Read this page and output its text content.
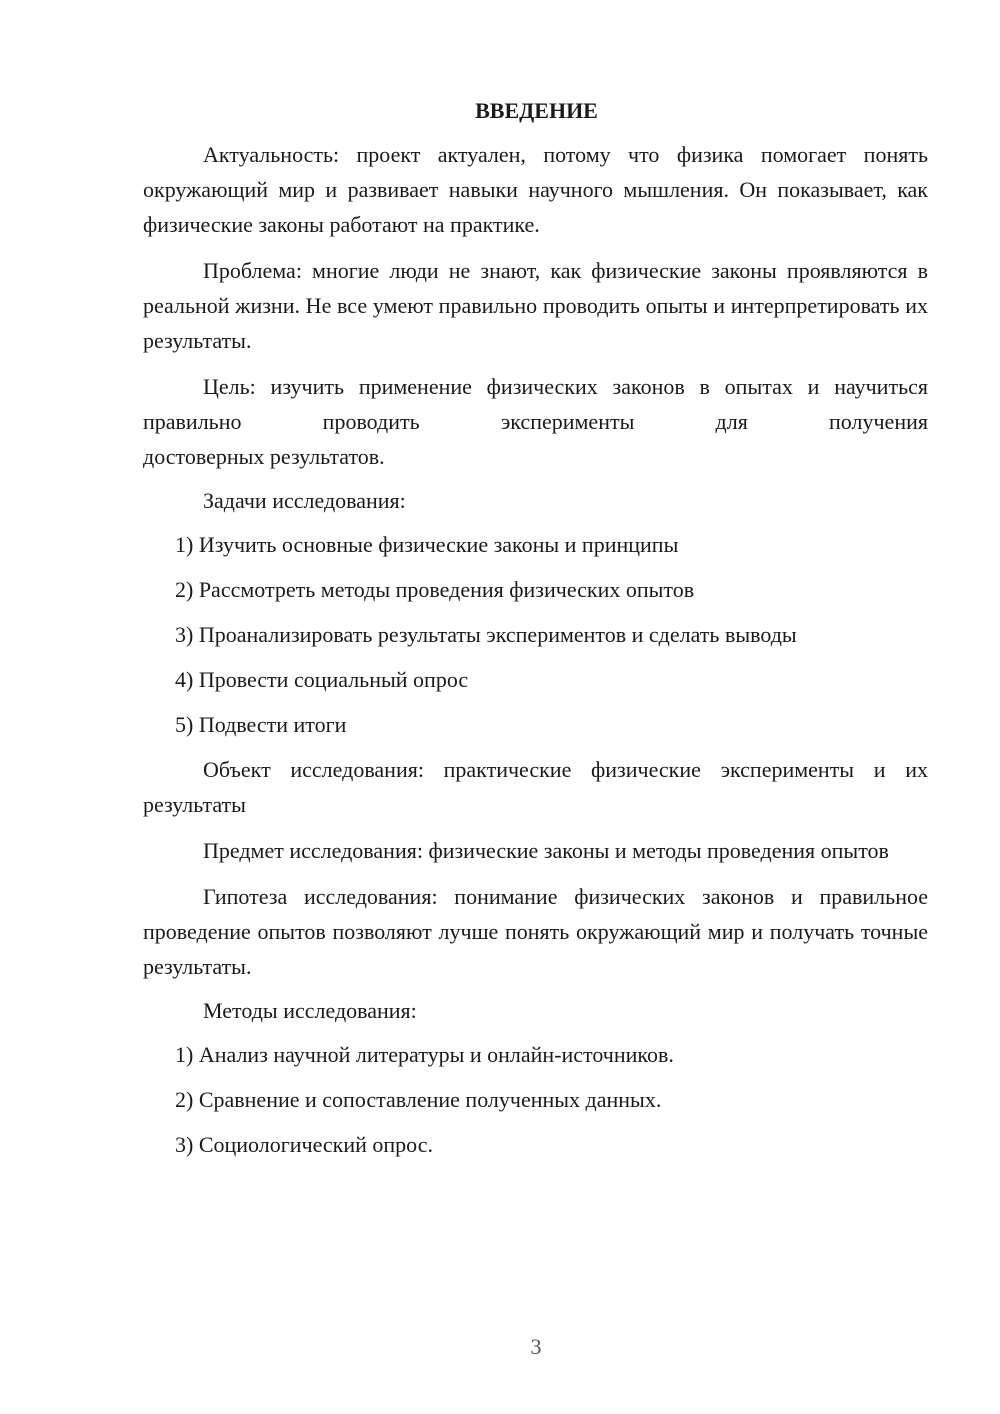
ВВЕДЕНИЕ

Актуальность: проект актуален, потому что физика помогает понять окружающий мир и развивает навыки научного мышления. Он показывает, как физические законы работают на практике.

Проблема: многие люди не знают, как физические законы проявляются в реальной жизни. Не все умеют правильно проводить опыты и интерпретировать их результаты.

Цель: изучить применение физических законов в опытах и научиться правильно проводить эксперименты для получения

достоверных результатов.

Задачи исследования:

1) Изучить основные физические законы и принципы
2) Рассмотреть методы проведения физических опытов
3) Проанализировать результаты экспериментов и сделать выводы
4) Провести социальный опрос
5) Подвести итоги

Объект исследования: практические физические эксперименты и их результаты

Предмет исследования: физические законы и методы проведения опытов

Гипотеза исследования: понимание физических законов и правильное проведение опытов позволяют лучше понять окружающий мир и получать точные результаты.

Методы исследования:

1) Анализ научной литературы и онлайн-источников.
2) Сравнение и сопоставление полученных данных.
3) Социологический опрос.
3
